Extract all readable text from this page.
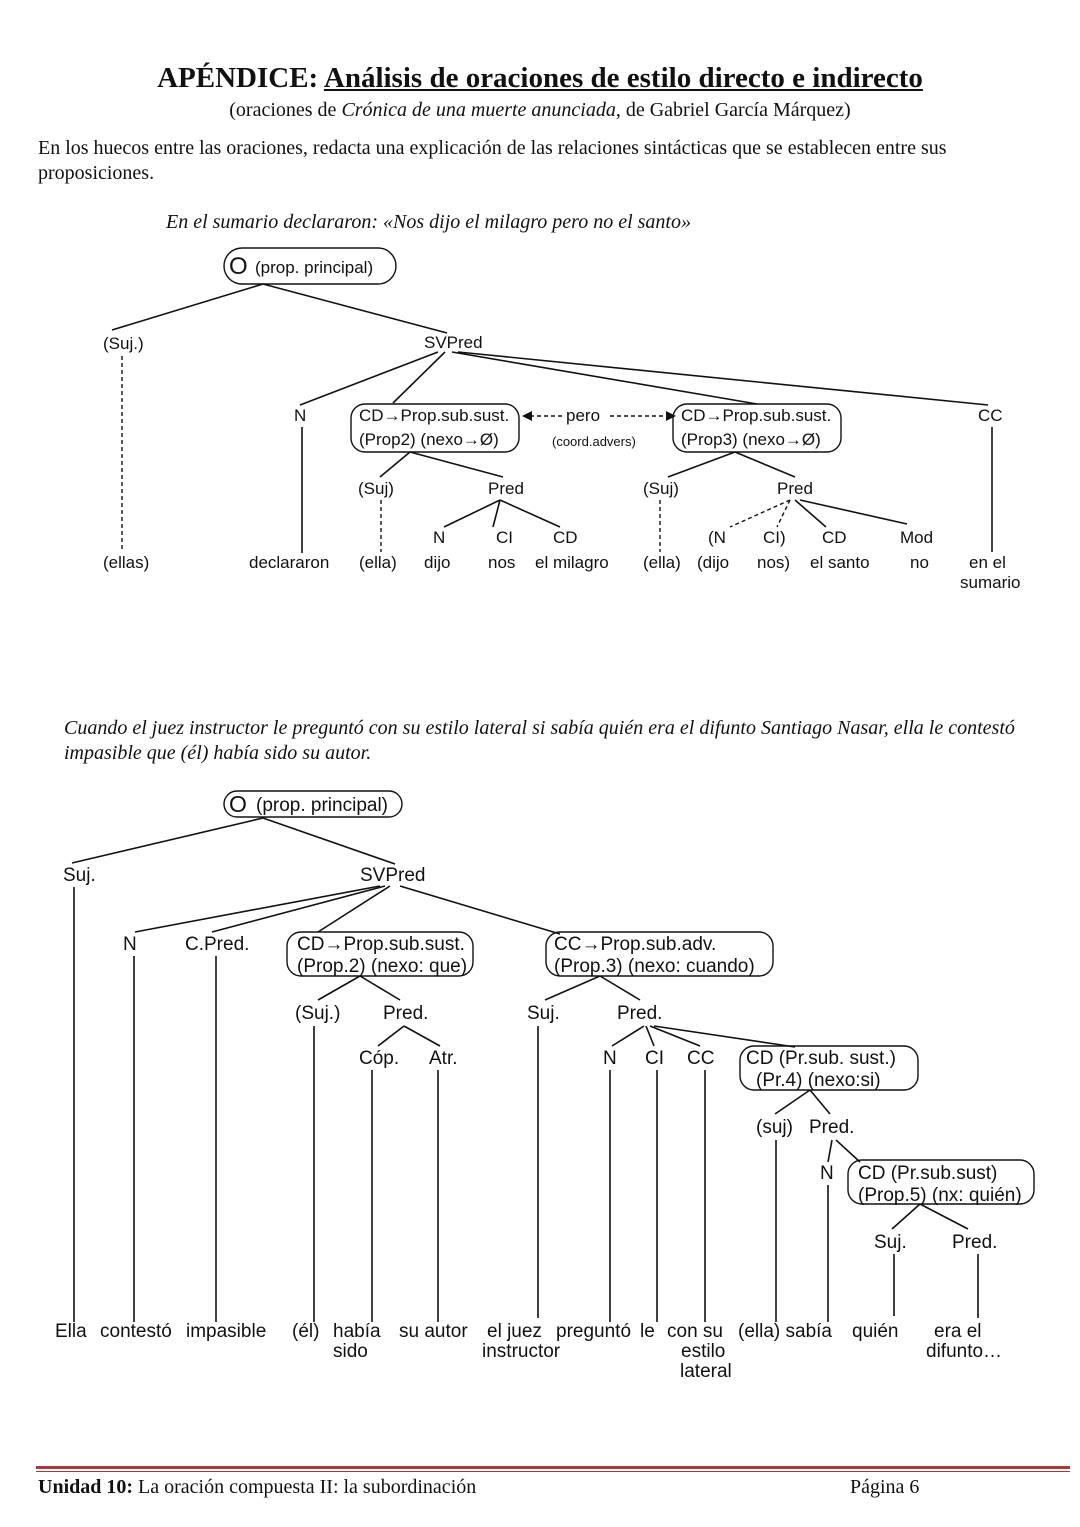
APÉNDICE: Análisis de oraciones de estilo directo e indirecto
(oraciones de Crónica de una muerte anunciada, de Gabriel García Márquez)
En los huecos entre las oraciones, redacta una explicación de las relaciones sintácticas que se establecen entre sus proposiciones.
En el sumario declararon: «Nos dijo el milagro pero no el santo»
Cuando el juez instructor le preguntó con su estilo lateral si sabía quién era el difunto Santiago Nasar, ella le contestó impasible que (él) había sido su autor.
O (prop. principal)
(Suj.)	SVPred
N	CD→Prop.sub.sust.
(Prop2) (nexo→Ø)
pero
(coord.advers)
CD→Prop.sub.sust.
(Prop3) (nexo→Ø)
CC
(Suj)	Pred
N	CI CD
(Suj)	Pred
(N CI) CD	Mod
(ellas)	declararon (ella) dijo nos el milagro (ella) (dijo nos) el santo no en el
sumario
O (prop. principal)
Suj.	SVPred
N	C.Pred.	CD→Prop.sub.sust.
(Prop.2) (nexo: que)
CC→Prop.sub.adv.
(Prop.3) (nexo: cuando)
(Suj.) Pred.
Cóp. Atr.
Suj.	Pred.
N CI CC CD (Pr.sub. sust.)
(Pr.4) (nexo:si)
(suj) Pred.
N CD (Pr.sub.sust)
(Prop.5) (nx: quién)
Suj. Pred.
Ella contestó impasible (él) había
sido
su autor el juez
instructor
preguntó le con su
estilo
lateral
(ella) sabía quién era el
difunto…
Unidad 10: La oración compuesta II: la subordinación	Página 6
